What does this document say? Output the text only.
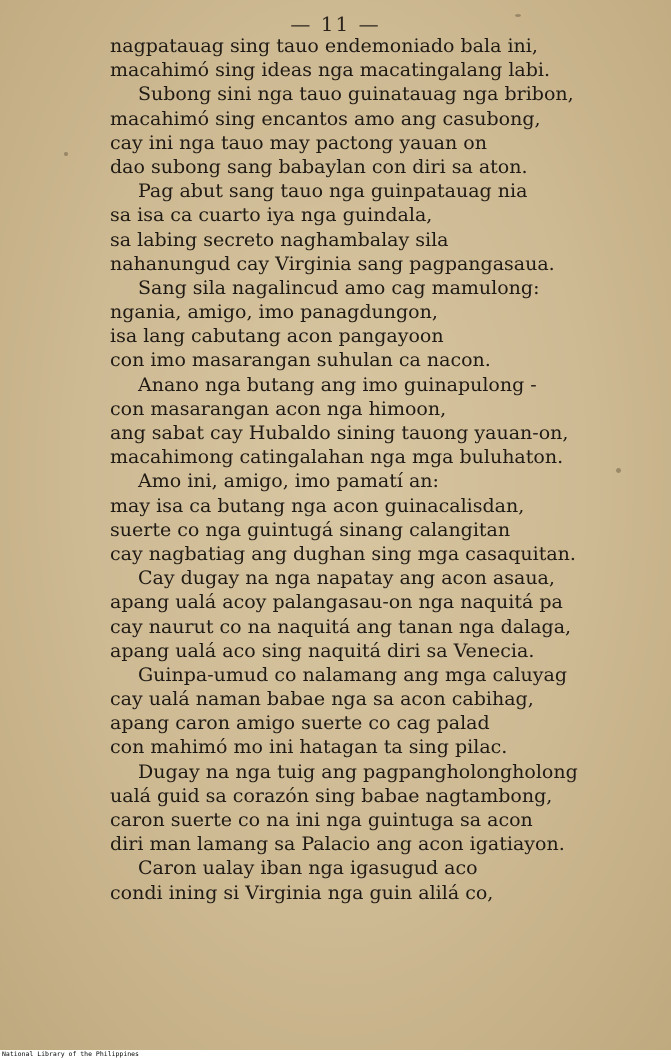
— 11 —
nagpatauag sing tauo endemoniado bala ini,
macahimó sing ideas nga macatingalang labi.
Subong sini nga tauo guinatauag nga bribon,
macahimó sing encantos amo ang casubong,
cay ini nga tauo may pactong yauan on
dao subong sang babaylan con diri sa aton.
Pag abut sang tauo nga guinpatauag nia
sa isa ca cuarto iya nga guindala,
sa labing secreto naghambalay sila
nahanungud cay Virginia sang pagpangasaua.
Sang sila nagalincud amo cag mamulong:
ngania, amigo, imo panagdungon,
isa lang cabutang acon pangayoon
con imo masarangan suhulan ca nacon.
Anano nga butang ang imo guinapulong -
con masarangan acon nga himoon,
ang sabat cay Hubaldo sining tauong yauan-on,
macahimong catingalahan nga mga buluhaton.
Amo ini, amigo, imo pamatí an:
may isa ca butang nga acon guinacalisdan,
suerte co nga guintugá sinang calangitan
cay nagbatiag ang dughan sing mga casaquitan.
Cay dugay na nga napatay ang acon asaua,
apang ualá acoy palangasau-on nga naquitá pa
cay naurut co na naquitá ang tanan nga dalaga,
apang ualá aco sing naquitá diri sa Venecia.
Guinpa-umud co nalamang ang mga caluyag
cay ualá naman babae nga sa acon cabihag,
apang caron amigo suerte co cag palad
con mahimó mo ini hatagan ta sing pilac.
Dugay na nga tuig ang pagpangholongholong
ualá guid sa corazón sing babae nagtambong,
caron suerte co na ini nga guintuga sa acon
diri man lamang sa Palacio ang acon igatiayon.
Caron ualay iban nga igasugud aco
condi ining si Virginia nga guin alilá co,
National Library of the Philippines
